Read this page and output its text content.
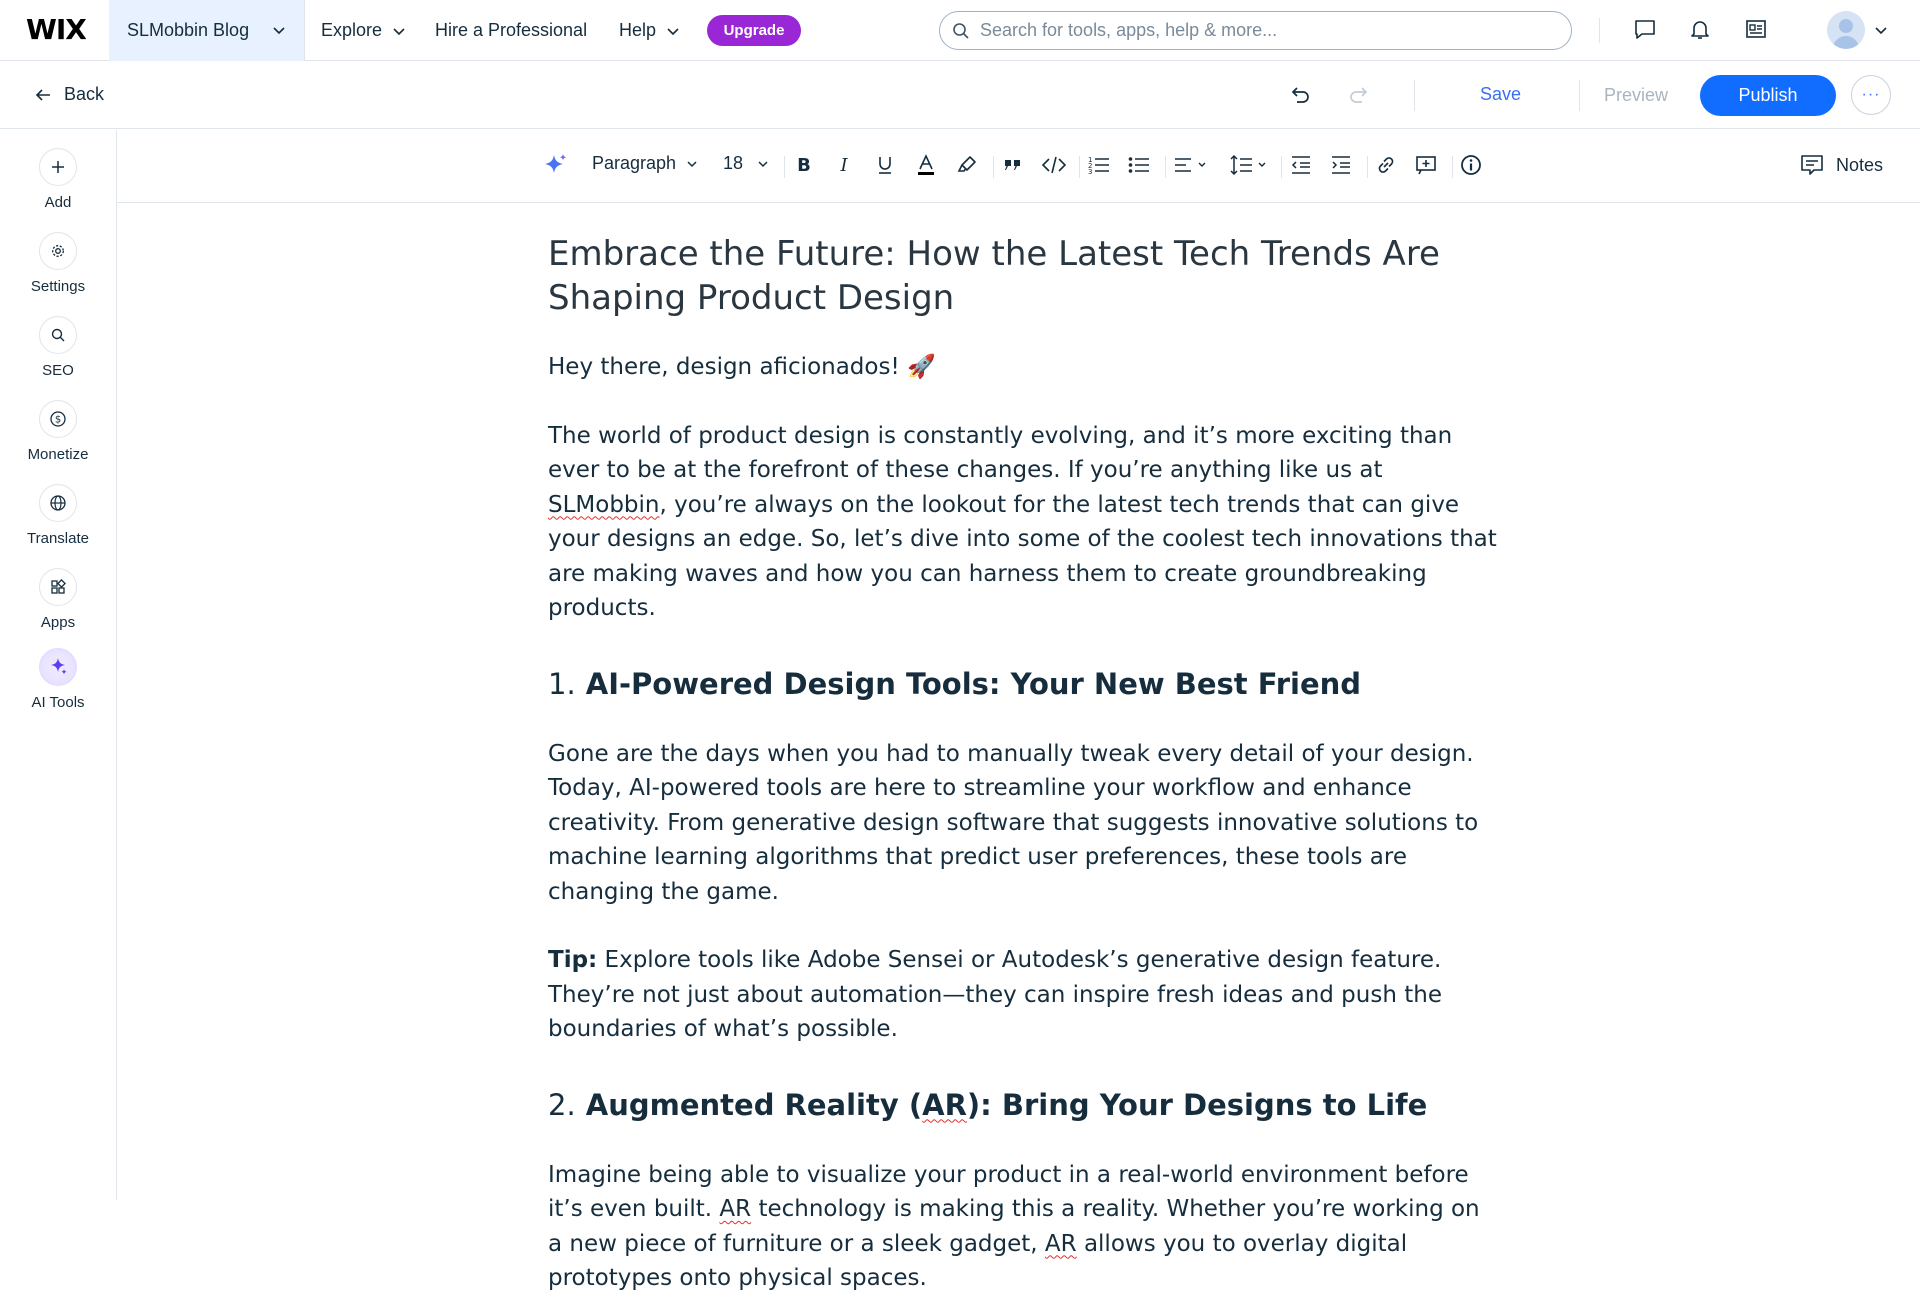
WIX SLMobbin Blog	Explore	Hire a Professional Help	Upgrade
Search for tools, apps, help & more...
Back	Save	Preview	Publish	···
Add
Settings
SEO
$
Monetize
Translate
Apps
AI Tools
Paragraph	18	B I	1
2
3	Notes
Embrace the Future: How the Latest Tech Trends Are Shaping Product Design

Hey there, design aficionados! 🚀

The world of product design is constantly evolving, and it’s more exciting than ever to be at the forefront of these changes. If you’re anything like us at SLMobbin, you’re always on the lookout for the latest tech trends that can give your designs an edge. So, let’s dive into some of the coolest tech innovations that are making waves and how you can harness them to create groundbreaking products.

1. AI-Powered Design Tools: Your New Best Friend

Gone are the days when you had to manually tweak every detail of your design. Today, AI-powered tools are here to streamline your workflow and enhance creativity. From generative design software that suggests innovative solutions to machine learning algorithms that predict user preferences, these tools are changing the game.

Tip: Explore tools like Adobe Sensei or Autodesk’s generative design feature. They’re not just about automation—they can inspire fresh ideas and push the boundaries of what’s possible.

2. Augmented Reality (AR): Bring Your Designs to Life

Imagine being able to visualize your product in a real-world environment before it’s even built. AR technology is making this a reality. Whether you’re working on a new piece of furniture or a sleek gadget, AR allows you to overlay digital prototypes onto physical spaces.
